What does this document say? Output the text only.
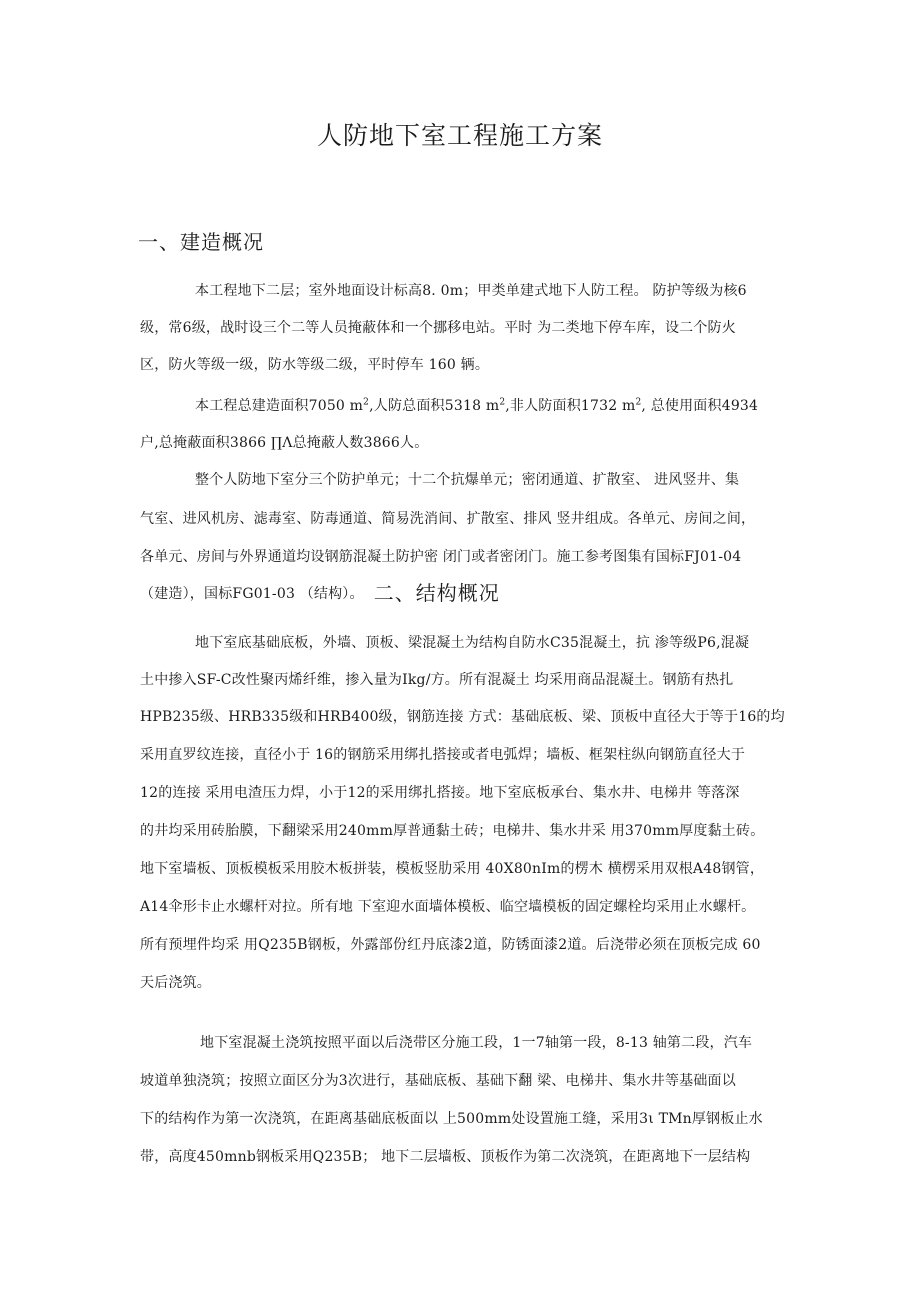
人防地下室工程施工方案
一、建造概况
本工程地下二层；室外地面设计标高8. 0m；甲类单建式地下人防工程。 防护等级为核6
级，常6级，战时设三个二等人员掩蔽体和一个挪移电站。平时 为二类地下停车库，设二个防火
区，防火等级一级，防水等级二级，平时停车 160 辆。
本工程总建造面积7050 $m^2$,人防总面积5318 $m^2$,非人防面积1732 $m^2$, 总使用面积4934
户,总掩蔽面积3866 ∏Λ总掩蔽人数3866人。
整个人防地下室分三个防护单元；十二个抗爆单元；密闭通道、扩散室、 进风竖井、集
气室、进风机房、滤毒室、防毒通道、简易洗消间、扩散室、排风 竖井组成。各单元、房间之间，
各单元、房间与外界通道均设钢筋混凝土防护密 闭门或者密闭门。施工参考图集有国标FJ01-04
（建造），国标FG01-03 （结构）。 二、结构概况
地下室底基础底板，外墙、顶板、梁混凝土为结构自防水C35混凝土，抗 渗等级P6,混凝
土中掺入SF-C改性聚丙烯纤维，掺入量为Ikg/方。所有混凝土 均采用商品混凝土。钢筋有热扎
HPB235级、HRB335级和HRB400级，钢筋连接 方式：基础底板、梁、顶板中直径大于等于16的均
采用直罗纹连接，直径小于 16的钢筋采用绑扎搭接或者电弧焊；墙板、框架柱纵向钢筋直径大于
12的连接 采用电渣压力焊，小于12的采用绑扎搭接。地下室底板承台、集水井、电梯井 等落深
的井均采用砖胎膜，下翻梁采用240mm厚普通黏土砖；电梯井、集水井采 用370mm厚度黏土砖。
地下室墙板、顶板模板采用胶木板拼装，模板竖肋采用 40X80nIm的楞木 横楞采用双根Α48钢管，
Α14伞形卡止水螺杆对拉。所有地 下室迎水面墙体模板、临空墙模板的固定螺栓均采用止水螺杆。
所有预埋件均采 用Q235B钢板，外露部份红丹底漆2道，防锈面漆2道。后浇带必须在顶板完成 60
天后浇筑。
地下室混凝土浇筑按照平面以后浇带区分施工段，1一7轴第一段，8-13 轴第二段，汽车
坡道单独浇筑；按照立面区分为3次进行，基础底板、基础下翻 梁、电梯井、集水井等基础面以
下的结构作为第一次浇筑，在距离基础底板面以 上500mm处设置施工缝，采用3ι TMn厚钢板止水
带，高度450mnb钢板采用Q235B； 地下二层墙板、顶板作为第二次浇筑，在距离地下一层结构
